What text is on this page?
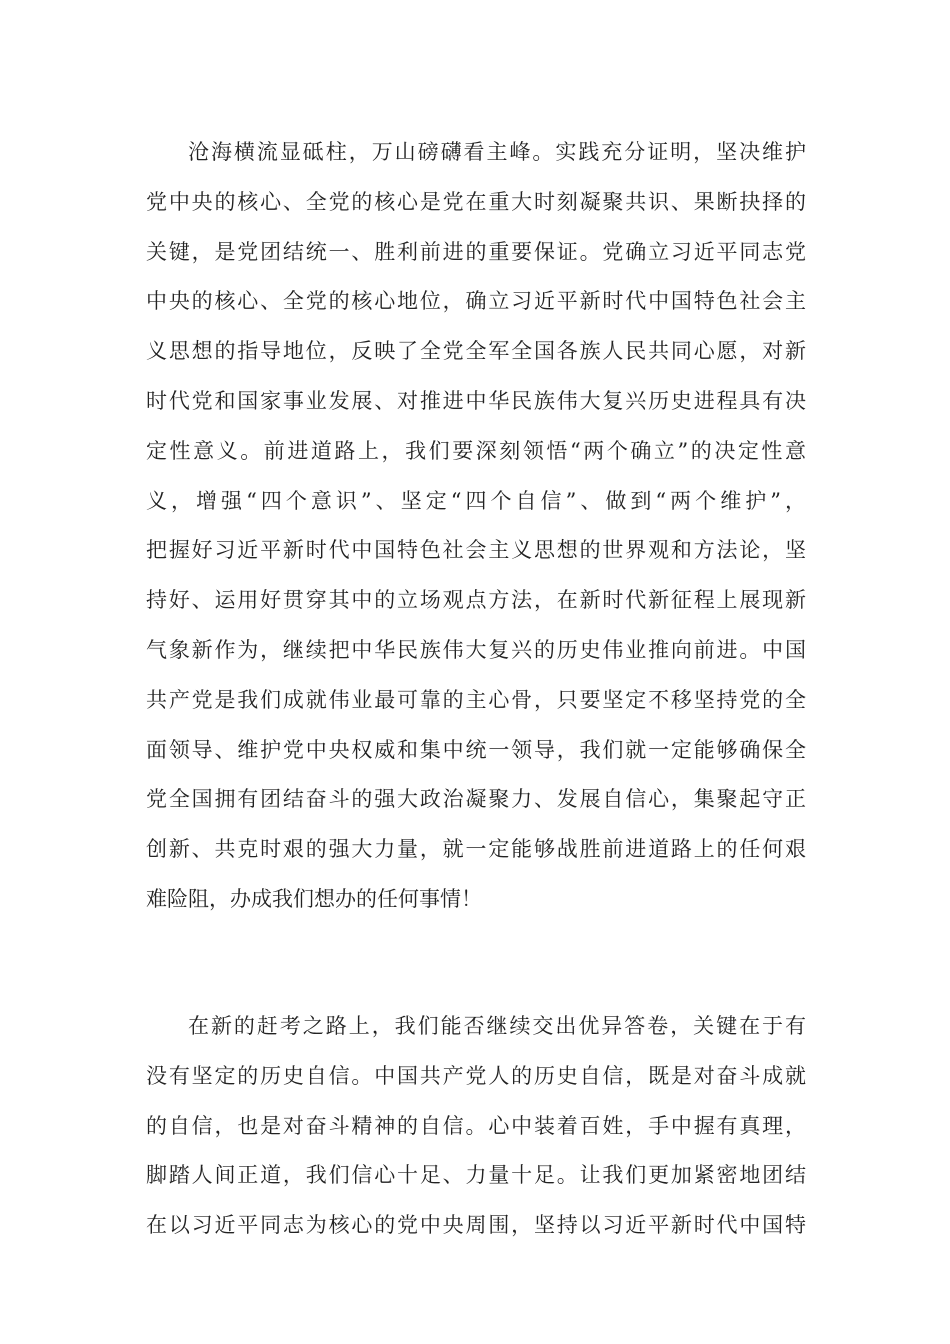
沧海横流显砥柱，万山磅礴看主峰。实践充分证明，坚决维护
党中央的核心、全党的核心是党在重大时刻凝聚共识、果断抉择的
关键，是党团结统一、胜利前进的重要保证。党确立习近平同志党
中央的核心、全党的核心地位，确立习近平新时代中国特色社会主
义思想的指导地位，反映了全党全军全国各族人民共同心愿，对新
时代党和国家事业发展、对推进中华民族伟大复兴历史进程具有决
定性意义。前进道路上，我们要深刻领悟“两个确立”的决定性意
义，增强“四个意识”、坚定“四个自信”、做到“两个维护”，
把握好习近平新时代中国特色社会主义思想的世界观和方法论，坚
持好、运用好贯穿其中的立场观点方法，在新时代新征程上展现新
气象新作为，继续把中华民族伟大复兴的历史伟业推向前进。中国
共产党是我们成就伟业最可靠的主心骨，只要坚定不移坚持党的全
面领导、维护党中央权威和集中统一领导，我们就一定能够确保全
党全国拥有团结奋斗的强大政治凝聚力、发展自信心，集聚起守正
创新、共克时艰的强大力量，就一定能够战胜前进道路上的任何艰
难险阻，办成我们想办的任何事情！
在新的赶考之路上，我们能否继续交出优异答卷，关键在于有
没有坚定的历史自信。中国共产党人的历史自信，既是对奋斗成就
的自信，也是对奋斗精神的自信。心中装着百姓，手中握有真理，
脚踏人间正道，我们信心十足、力量十足。让我们更加紧密地团结
在以习近平同志为核心的党中央周围，坚持以习近平新时代中国特
